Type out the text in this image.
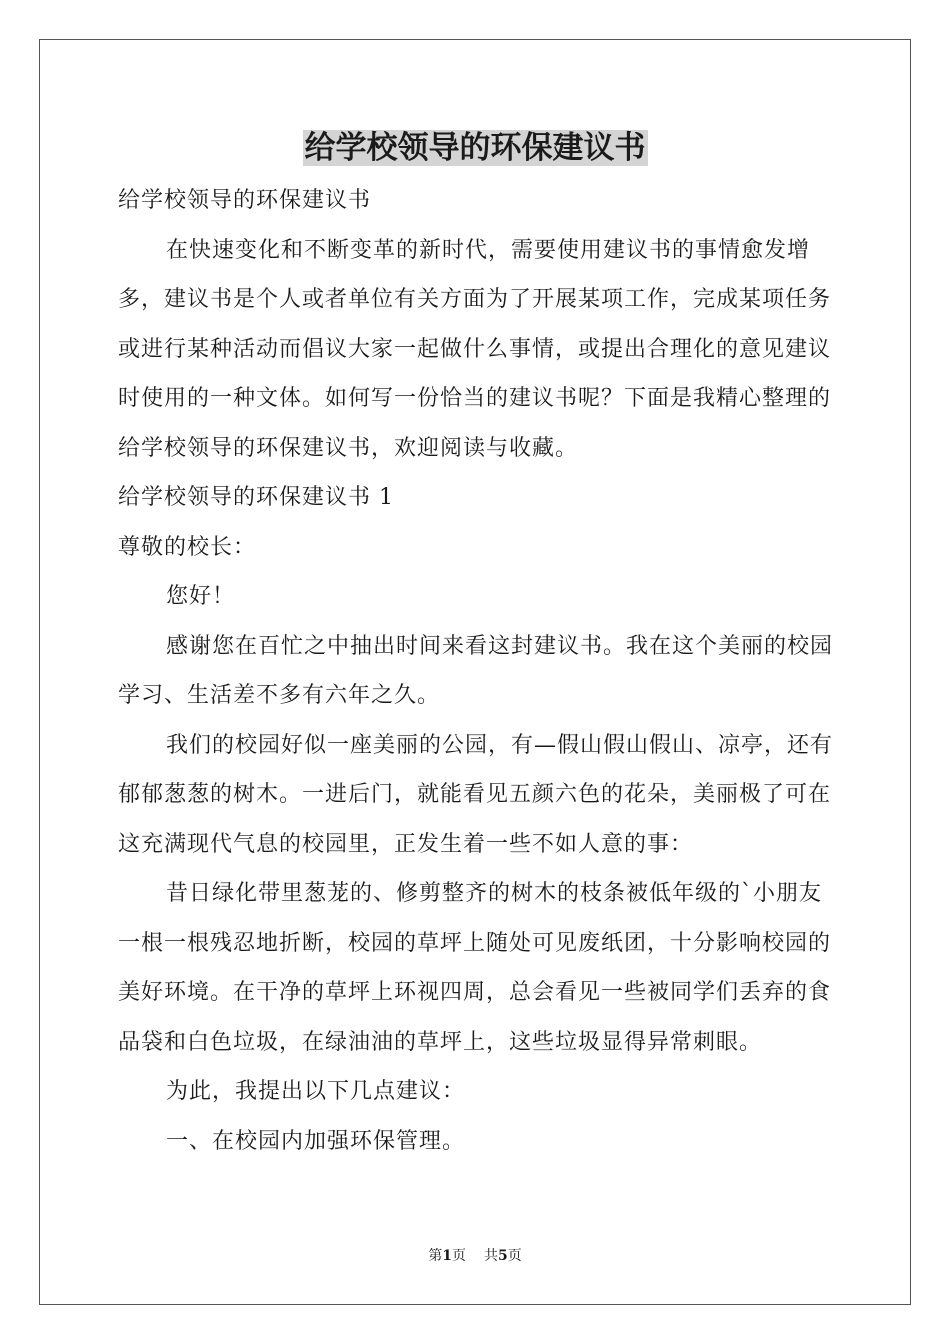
给学校领导的环保建议书

给学校领导的环保建议书

在快速变化和不断变革的新时代，需要使用建议书的事情愈发增多，建议书是个人或者单位有关方面为了开展某项工作，完成某项任务或进行某种活动而倡议大家一起做什么事情，或提出合理化的意见建议时使用的一种文体。如何写一份恰当的建议书呢？下面是我精心整理的给学校领导的环保建议书，欢迎阅读与收藏。

给学校领导的环保建议书 1

尊敬的校长：

您好！

感谢您在百忙之中抽出时间来看这封建议书。我在这个美丽的校园学习、生活差不多有六年之久。

我们的校园好似一座美丽的公园，有—假山假山假山、凉亭，还有郁郁葱葱的树木。一进后门，就能看见五颜六色的花朵，美丽极了可在这充满现代气息的校园里，正发生着一些不如人意的事：

昔日绿化带里葱茏的、修剪整齐的树木的枝条被低年级的`小朋友一根一根残忍地折断，校园的草坪上随处可见废纸团，十分影响校园的美好环境。在干净的草坪上环视四周，总会看见一些被同学们丢弃的食品袋和白色垃圾，在绿油油的草坪上，这些垃圾显得异常刺眼。

为此，我提出以下几点建议：

一、在校园内加强环保管理。

第1页 共5页
